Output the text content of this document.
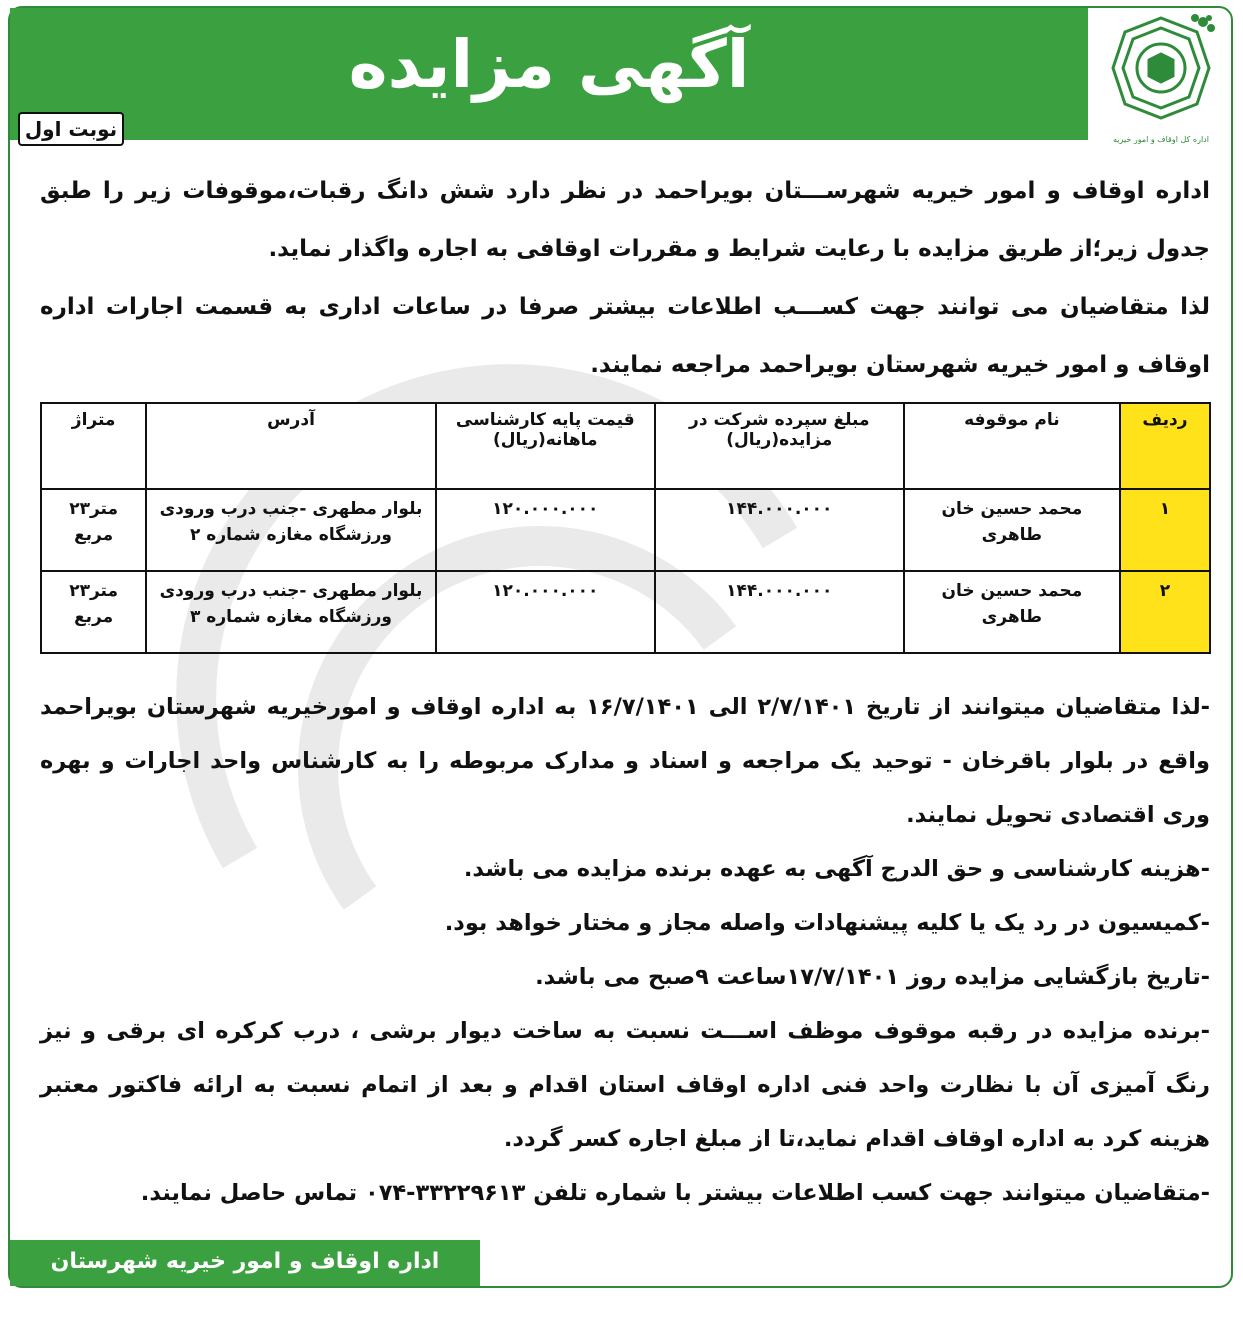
آگهی مزایده
نوبت اول	اداره کل اوقاف و امور خیریه

اداره اوقاف و امور خیریه شهرســـتان بویراحمد در نظر دارد شش دانگ رقبات،موقوفات زیر را طبق جدول زیر؛از طریق مزایده با رعایت شرایط و مقررات اوقافی به اجاره واگذار نماید.

لذا متقاضیان می توانند جهت کســـب اطلاعات بیشتر صرفا در ساعات اداری به قسمت اجارات اداره اوقاف و امور خیریه شهرستان بویراحمد مراجعه نمایند.

ردیف	نام موقوفه	مبلغ سپرده شرکت در مزایده(ریال)	قیمت پایه کارشناسی ماهانه(ریال)	آدرس	متراژ
۱	محمد حسین خان طاهری	۱۴۴.۰۰۰.۰۰۰	۱۲۰.۰۰۰.۰۰۰	بلوار مطهری -جنب درب ورودی ورزشگاه مغازه شماره ۲	متر۲۳ مربع
۲	محمد حسین خان طاهری	۱۴۴.۰۰۰.۰۰۰	۱۲۰.۰۰۰.۰۰۰	بلوار مطهری -جنب درب ورودی ورزشگاه مغازه شماره ۳	متر۲۳ مربع

-لذا متقاضیان میتوانند از تاریخ ۲/۷/۱۴۰۱ الی ۱۶/۷/۱۴۰۱ به اداره اوقاف و امورخیریه شهرستان بویراحمد واقع در بلوار باقرخان - توحید یک مراجعه و اسناد و مدارک مربوطه را به کارشناس واحد اجارات و بهره وری اقتصادی تحویل نمایند.

-هزینه کارشناسی و حق الدرج آگهی به عهده برنده مزایده می باشد.

-کمیسیون در رد یک یا کلیه پیشنهادات واصله مجاز و مختار خواهد بود.

-تاریخ بازگشایی مزایده روز ۱۷/۷/۱۴۰۱ساعت ۹صبح می باشد.

-برنده مزایده در رقبه موقوف موظف اســـت نسبت به ساخت دیوار برشی ، درب کرکره ای برقی و نیز رنگ آمیزی آن با نظارت واحد فنی اداره اوقاف استان اقدام و بعد از اتمام نسبت به ارائه فاکتور معتبر هزینه کرد به اداره اوقاف اقدام نماید،تا از مبلغ اجاره کسر گردد.

-متقاضیان میتوانند جهت کسب اطلاعات بیشتر با شماره تلفن ۳۳۲۲۹۶۱۳-۰۷۴ تماس حاصل نمایند.

اداره اوقاف و امور خیریه شهرستان بویراحمد
